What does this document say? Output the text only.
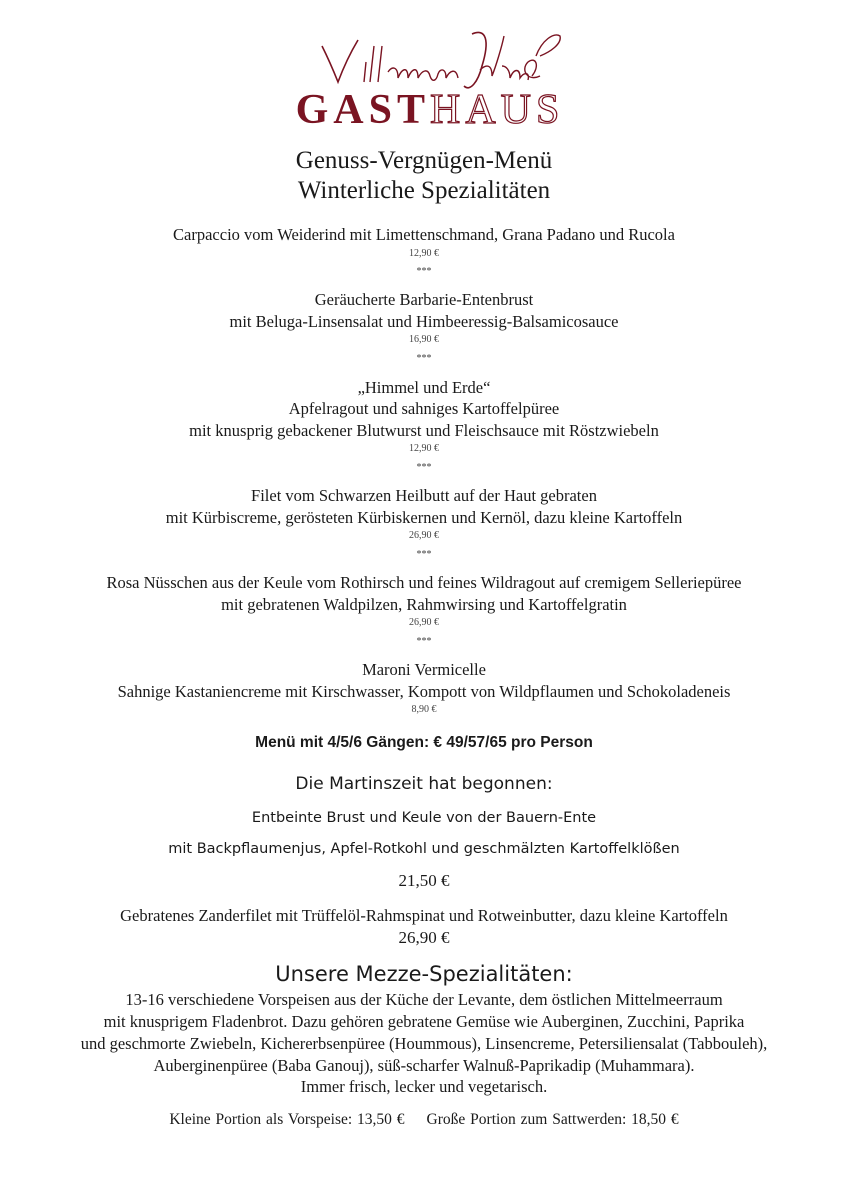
GASTHAUS
Genuss-Vergnügen-Menü
Winterliche Spezialitäten
Carpaccio vom Weiderind mit Limettenschmand, Grana Padano und Rucola
12,90 €
***
Geräucherte Barbarie-Entenbrust
mit Beluga-Linsensalat und Himbeeressig-Balsamicosauce
16,90 €
***
„Himmel und Erde“
Apfelragout und sahniges Kartoffelpüree
mit knusprig gebackener Blutwurst und Fleischsauce mit Röstzwiebeln
12,90 €
***
Filet vom Schwarzen Heilbutt auf der Haut gebraten
mit Kürbiscreme, gerösteten Kürbiskernen und Kernöl, dazu kleine Kartoffeln
26,90 €
***
Rosa Nüsschen aus der Keule vom Rothirsch und feines Wildragout auf cremigem Selleriepüree
mit gebratenen Waldpilzen, Rahmwirsing und Kartoffelgratin
26,90 €
***
Maroni Vermicelle
Sahnige Kastaniencreme mit Kirschwasser, Kompott von Wildpflaumen und Schokoladeneis
8,90 €
Menü mit 4/5/6 Gängen: € 49/57/65 pro Person
Die Martinszeit hat begonnen:
Entbeinte Brust und Keule von der Bauern-Ente
mit Backpflaumenjus, Apfel-Rotkohl und geschmälzten Kartoffelklößen
21,50 €
Gebratenes Zanderfilet mit Trüffelöl-Rahmspinat und Rotweinbutter, dazu kleine Kartoffeln
26,90 €
Unsere Mezze-Spezialitäten:
13-16 verschiedene Vorspeisen aus der Küche der Levante, dem östlichen Mittelmeerraum
mit knusprigem Fladenbrot. Dazu gehören gebratene Gemüse wie Auberginen, Zucchini, Paprika
und geschmorte Zwiebeln, Kichererbsenpüree (Hoummous), Linsencreme, Petersiliensalat (Tabbouleh),
Auberginenpüree (Baba Ganouj), süß-scharfer Walnuß-Paprikadip (Muhammara).
Immer frisch, lecker und vegetarisch.
Kleine Portion als Vorspeise: 13,50 € Große Portion zum Sattwerden: 18,50 €
